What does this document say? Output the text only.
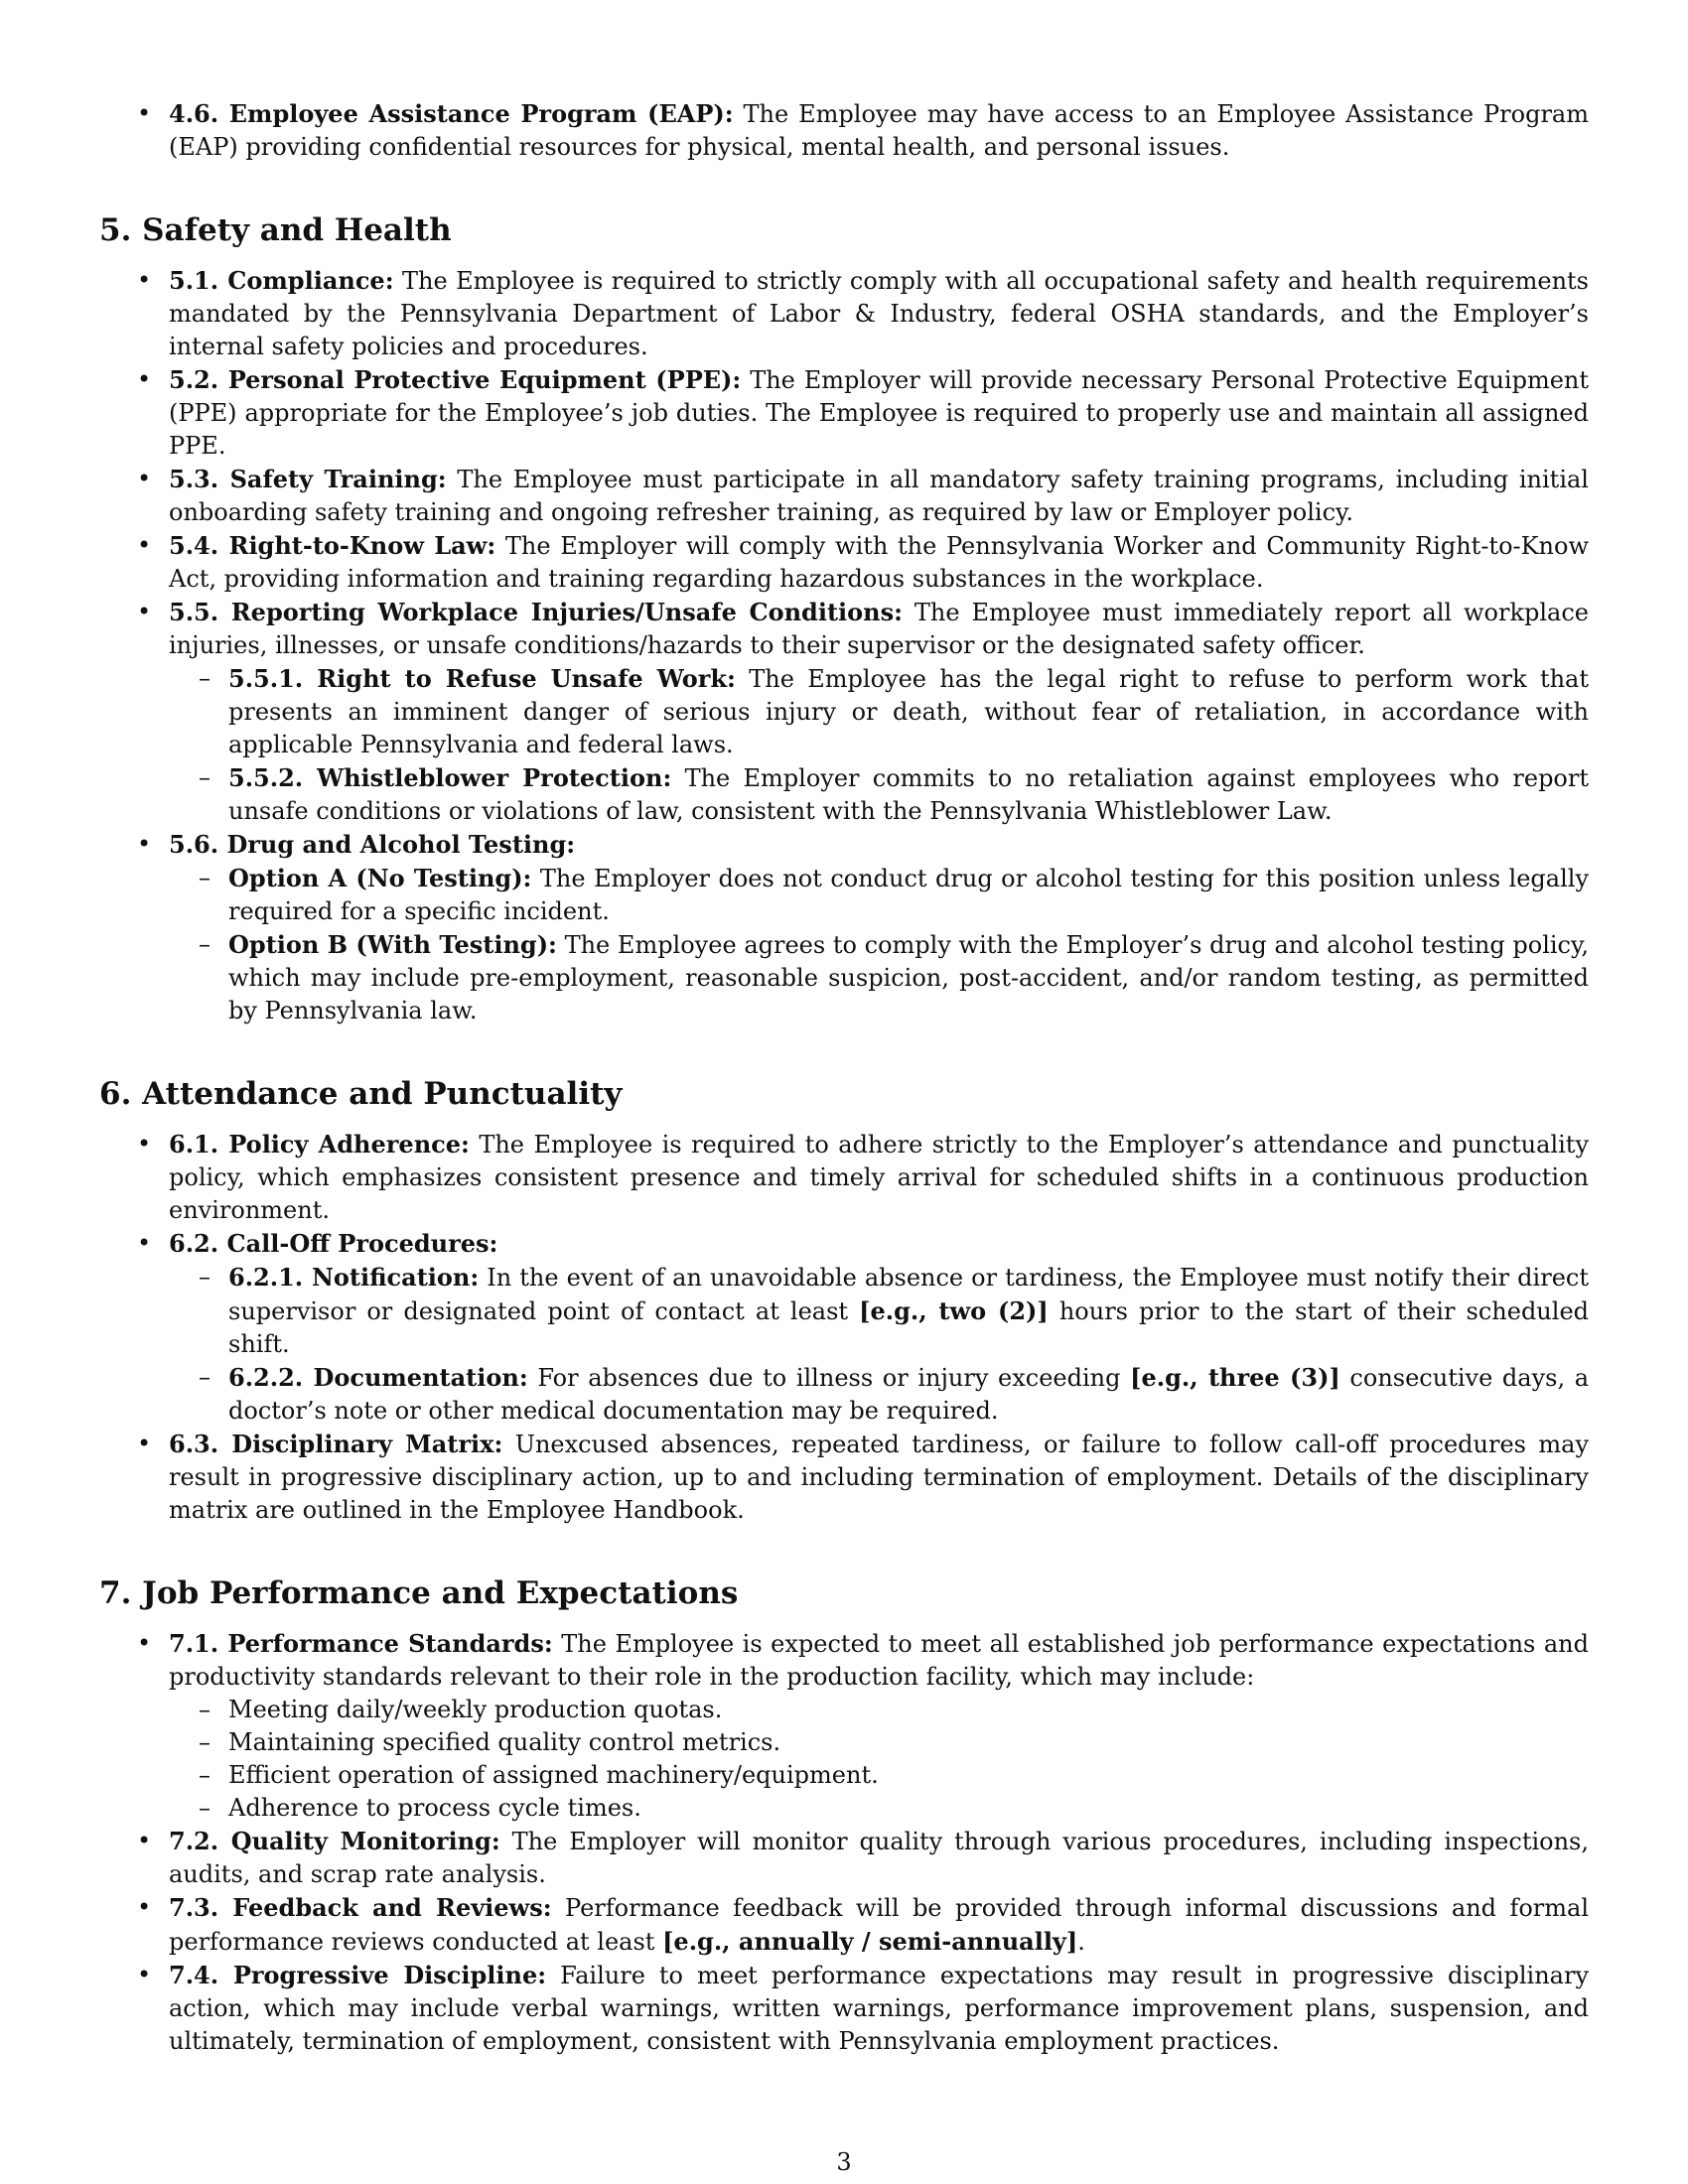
• 4.6. Employee Assistance Program (EAP): The Employee may have access to an Employee Assistance Program (EAP) providing confidential resources for physical, mental health, and personal issues.
5. Safety and Health
• 5.1. Compliance: The Employee is required to strictly comply with all occupational safety and health requirements mandated by the Pennsylvania Department of Labor & Industry, federal OSHA standards, and the Employer’s internal safety policies and procedures.
• 5.2. Personal Protective Equipment (PPE): The Employer will provide necessary Personal Protective Equipment (PPE) appropriate for the Employee’s job duties. The Employee is required to properly use and maintain all assigned PPE.
• 5.3. Safety Training: The Employee must participate in all mandatory safety training programs, including initial onboarding safety training and ongoing refresher training, as required by law or Employer policy.
• 5.4. Right-to-Know Law: The Employer will comply with the Pennsylvania Worker and Community Right-to-Know Act, providing information and training regarding hazardous substances in the workplace.
• 5.5. Reporting Workplace Injuries/Unsafe Conditions: The Employee must immediately report all workplace injuries, illnesses, or unsafe conditions/hazards to their supervisor or the designated safety officer.
– 5.5.1. Right to Refuse Unsafe Work: The Employee has the legal right to refuse to perform work that presents an imminent danger of serious injury or death, without fear of retaliation, in accordance with applicable Pennsylvania and federal laws.
– 5.5.2. Whistleblower Protection: The Employer commits to no retaliation against employees who report unsafe conditions or violations of law, consistent with the Pennsylvania Whistleblower Law.
• 5.6. Drug and Alcohol Testing:
– Option A (No Testing): The Employer does not conduct drug or alcohol testing for this position unless legally required for a specific incident.
– Option B (With Testing): The Employee agrees to comply with the Employer’s drug and alcohol testing policy, which may include pre-employment, reasonable suspicion, post-accident, and/or random testing, as permitted by Pennsylvania law.
6. Attendance and Punctuality
• 6.1. Policy Adherence: The Employee is required to adhere strictly to the Employer’s attendance and punctuality policy, which emphasizes consistent presence and timely arrival for scheduled shifts in a continuous production environment.
• 6.2. Call-Off Procedures:
– 6.2.1. Notification: In the event of an unavoidable absence or tardiness, the Employee must notify their direct supervisor or designated point of contact at least [e.g., two (2)] hours prior to the start of their scheduled shift.
– 6.2.2. Documentation: For absences due to illness or injury exceeding [e.g., three (3)] consecutive days, a doctor’s note or other medical documentation may be required.
• 6.3. Disciplinary Matrix: Unexcused absences, repeated tardiness, or failure to follow call-off procedures may result in progressive disciplinary action, up to and including termination of employment. Details of the disciplinary matrix are outlined in the Employee Handbook.
7. Job Performance and Expectations
• 7.1. Performance Standards: The Employee is expected to meet all established job performance expectations and productivity standards relevant to their role in the production facility, which may include:
– Meeting daily/weekly production quotas.
– Maintaining specified quality control metrics.
– Efficient operation of assigned machinery/equipment.
– Adherence to process cycle times.
• 7.2. Quality Monitoring: The Employer will monitor quality through various procedures, including inspections, audits, and scrap rate analysis.
• 7.3. Feedback and Reviews: Performance feedback will be provided through informal discussions and formal performance reviews conducted at least [e.g., annually / semi-annually].
• 7.4. Progressive Discipline: Failure to meet performance expectations may result in progressive disciplinary action, which may include verbal warnings, written warnings, performance improvement plans, suspension, and ultimately, termination of employment, consistent with Pennsylvania employment practices.
3
